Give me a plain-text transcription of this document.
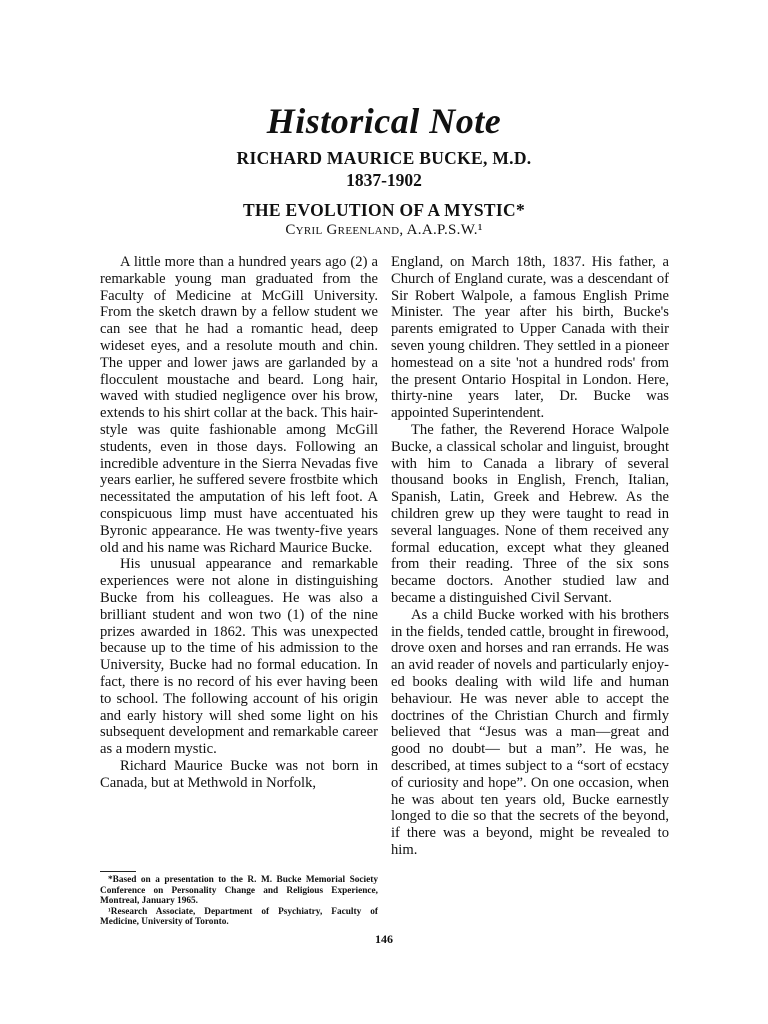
Historical Note
RICHARD MAURICE BUCKE, M.D.
1837-1902
THE EVOLUTION OF A MYSTIC*
Cyril Greenland, A.A.P.S.W.¹

A little more than a hundred years ago (2) a remarkable young man graduated from the Faculty of Medicine at McGill University. From the sketch drawn by a fellow student we can see that he had a romantic head, deep wideset eyes, and a resolute mouth and chin. The upper and lower jaws are garlanded by a flocculent moustache and beard. Long hair, waved with studied negligence over his brow, extends to his shirt collar at the back. This hair-style was quite fashionable among McGill students, even in those days. Following an incredible adventure in the Sierra Nevadas five years earlier, he suffered severe frostbite which necessitated the amputation of his left foot. A conspicuous limp must have accentuated his Byronic appearance. He was twenty-five years old and his name was Richard Maurice Bucke.

His unusual appearance and remarkable experiences were not alone in distinguishing Bucke from his colleagues. He was also a brilliant student and won two (1) of the nine prizes awarded in 1862. This was unexpected because up to the time of his admission to the University, Bucke had no formal education. In fact, there is no record of his ever having been to school. The following account of his origin and early history will shed some light on his subsequent development and remarkable career as a modern mystic.

Richard Maurice Bucke was not born in Canada, but at Methwold in Norfolk,

England, on March 18th, 1837. His father, a Church of England curate, was a descendant of Sir Robert Walpole, a famous English Prime Minister. The year after his birth, Bucke's parents emigrated to Upper Canada with their seven young children. They settled in a pioneer homestead on a site 'not a hundred rods' from the present Ontario Hospital in London. Here, thirty-nine years later, Dr. Bucke was appointed Superintendent.

The father, the Reverend Horace Walpole Bucke, a classical scholar and linguist, brought with him to Canada a library of several thousand books in English, French, Italian, Spanish, Latin, Greek and Hebrew. As the children grew up they were taught to read in several languages. None of them received any formal education, except what they gleaned from their reading. Three of the six sons became doctors. Another studied law and became a distinguished Civil Servant.

As a child Bucke worked with his brothers in the fields, tended cattle, brought in firewood, drove oxen and horses and ran errands. He was an avid reader of novels and particularly enjoyed books dealing with wild life and human behaviour. He was never able to accept the doctrines of the Christian Church and firmly believed that “Jesus was a man—great and good no doubt— but a man”. He was, he described, at times subject to a “sort of ecstacy of curiosity and hope”. On one occasion, when he was about ten years old, Bucke earnestly longed to die so that the secrets of the beyond, if there was a beyond, might be revealed to him.

*Based on a presentation to the R. M. Bucke Memorial Society Conference on Personality Change and Religious Experience, Montreal, January 1965.

¹Research Associate, Department of Psychiatry, Faculty of Medicine, University of Toronto.

146
